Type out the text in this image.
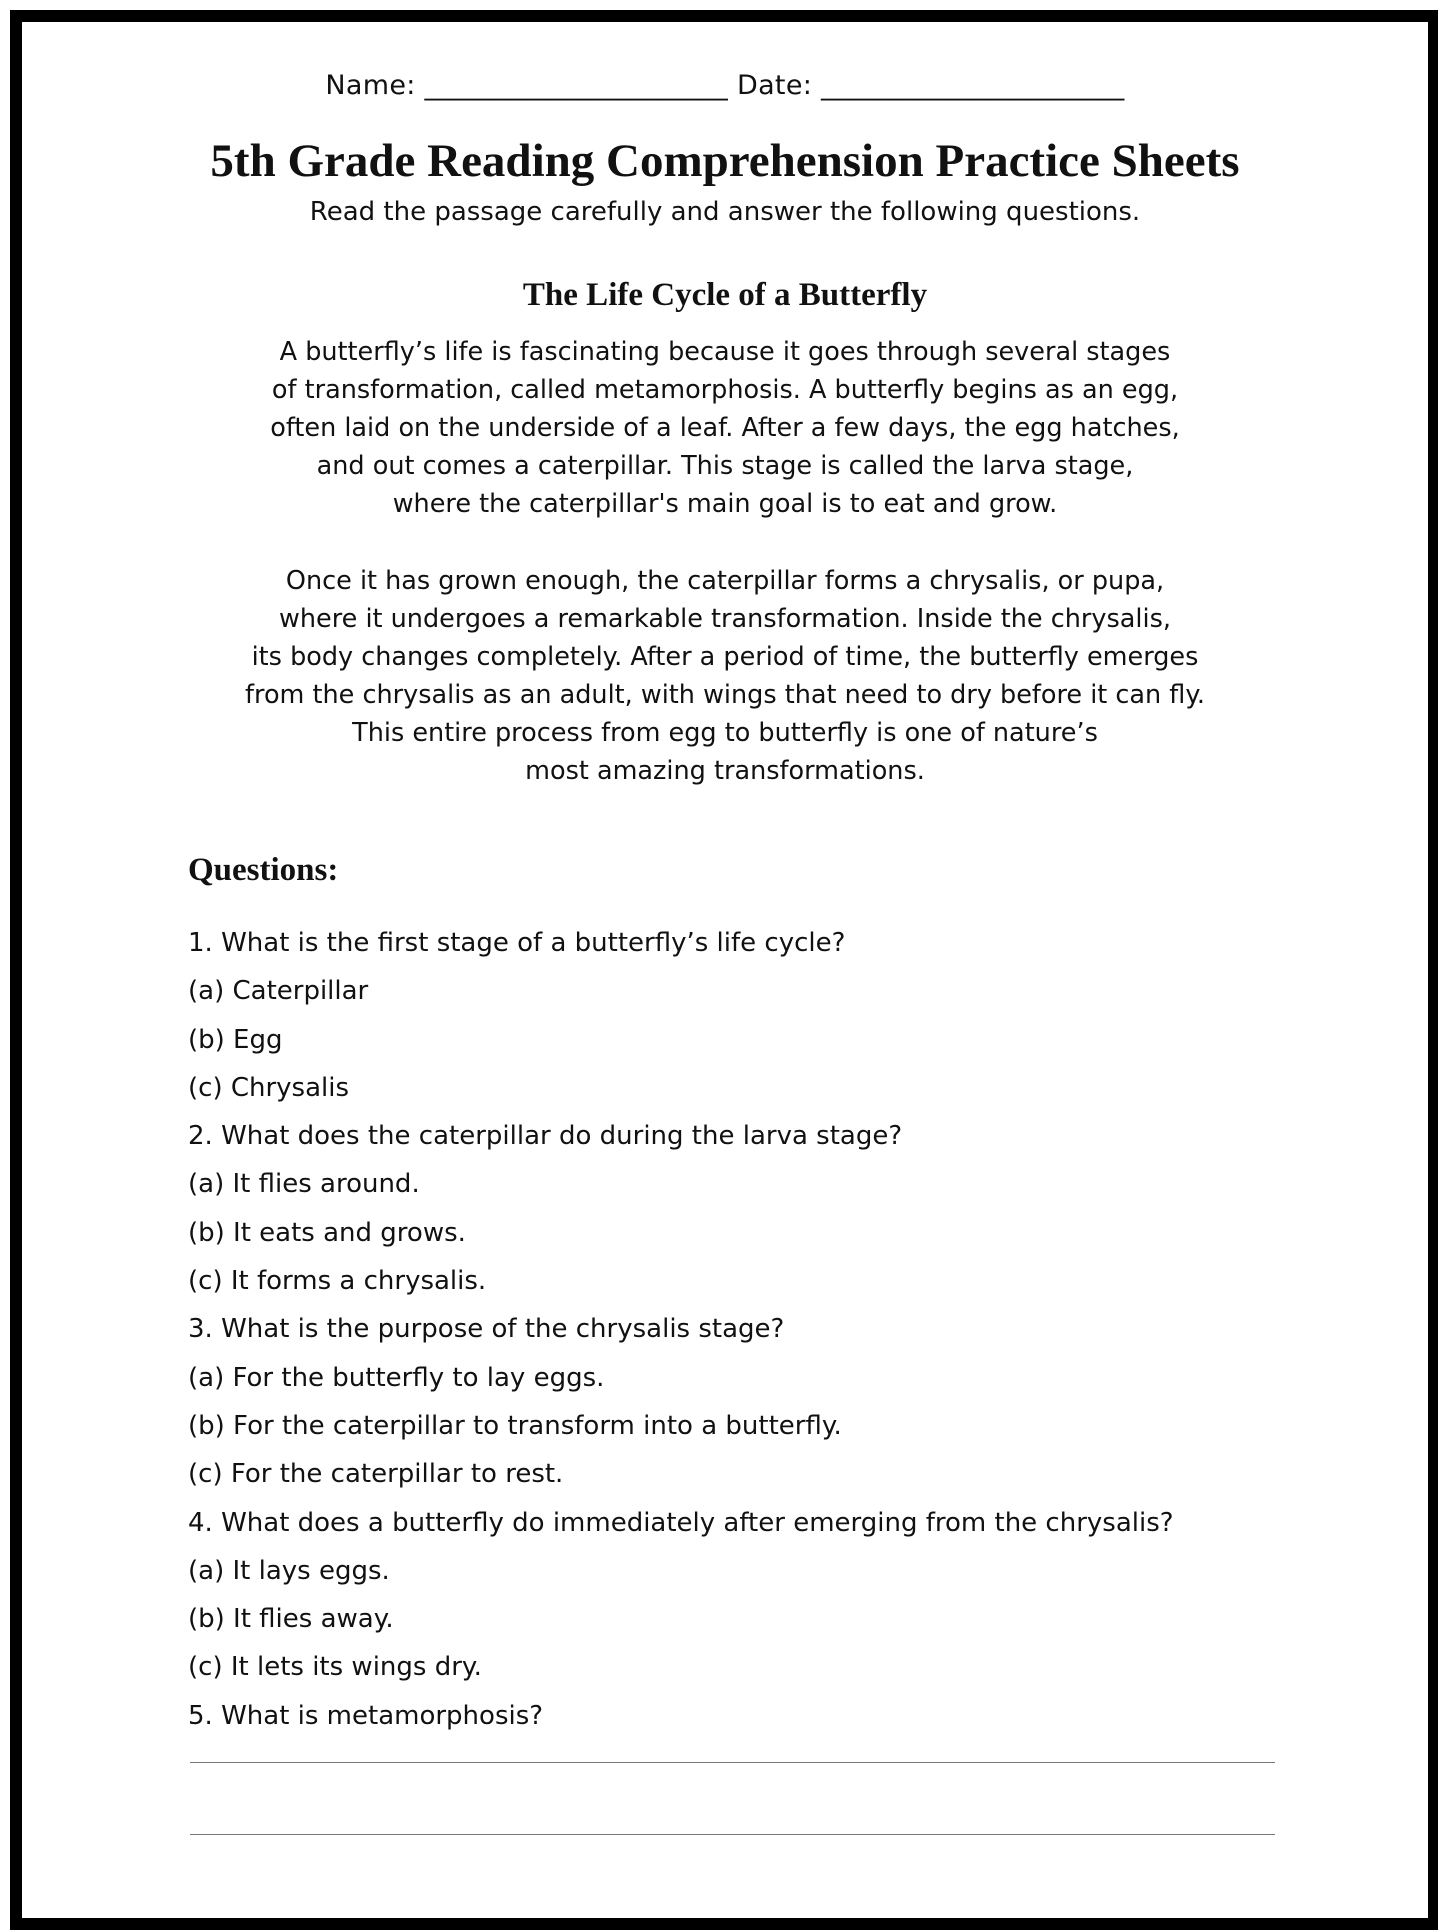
Name: ______________________ Date: ______________________
5th Grade Reading Comprehension Practice Sheets
Read the passage carefully and answer the following questions.
The Life Cycle of a Butterfly
A butterfly’s life is fascinating because it goes through several stages
of transformation, called metamorphosis. A butterfly begins as an egg,
often laid on the underside of a leaf. After a few days, the egg hatches,
and out comes a caterpillar. This stage is called the larva stage,
where the caterpillar's main goal is to eat and grow.
Once it has grown enough, the caterpillar forms a chrysalis, or pupa,
where it undergoes a remarkable transformation. Inside the chrysalis,
its body changes completely. After a period of time, the butterfly emerges
from the chrysalis as an adult, with wings that need to dry before it can fly.
This entire process from egg to butterfly is one of nature’s
most amazing transformations.
Questions:
1. What is the first stage of a butterfly’s life cycle?
(a) Caterpillar
(b) Egg
(c) Chrysalis
2. What does the caterpillar do during the larva stage?
(a) It flies around.
(b) It eats and grows.
(c) It forms a chrysalis.
3. What is the purpose of the chrysalis stage?
(a) For the butterfly to lay eggs.
(b) For the caterpillar to transform into a butterfly.
(c) For the caterpillar to rest.
4. What does a butterfly do immediately after emerging from the chrysalis?
(a) It lays eggs.
(b) It flies away.
(c) It lets its wings dry.
5. What is metamorphosis?
